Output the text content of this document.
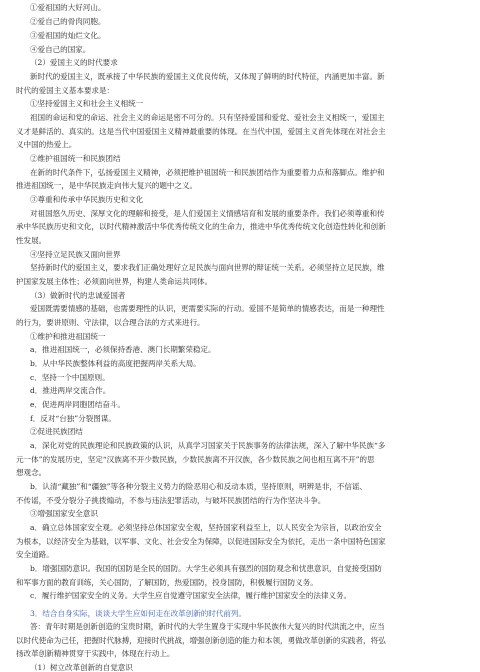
①爱祖国的大好河山。
②爱自己的骨肉同胞。
③爱祖国的灿烂文化。
④爱自己的国家。
（2）爱国主义的时代要求
新时代的爱国主义，既承接了中华民族的爱国主义优良传统，又体现了鲜明的时代特征，内涵更加丰富。新
时代的爱国主义基本要求是：
①坚持爱国主义和社会主义相统一
祖国的命运和党的命运、社会主义的命运是密不可分的。只有坚持爱国和爱党、爱社会主义相统一，爱国主
义才是鲜活的、真实的。这是当代中国爱国主义精神最重要的体现。在当代中国，爱国主义首先体现在对社会主
义中国的热爱上。
②维护祖国统一和民族团结
在新的时代条件下，弘扬爱国主义精神，必须把维护祖国统一和民族团结作为重要着力点和落脚点。维护和
推进祖国统一，是中华民族走向伟大复兴的题中之义。
③尊重和传承中华民族历史和文化
对祖国悠久历史、深厚文化的理解和接受，是人们爱国主义情感培育和发展的重要条件。我们必须尊重和传
承中华民族历史和文化，以时代精神激活中华优秀传统文化的生命力，推进中华优秀传统文化创造性转化和创新
性发展。
④坚持立足民族又面向世界
坚持新时代的爱国主义，要求我们正确处理好立足民族与面向世界的辩证统一关系。必须坚持立足民族，维
护国家发展主体性；必须面向世界，构建人类命运共同体。
（3）做新时代的忠诚爱国者
爱国既需要情感的基础，也需要理性的认识，更需要实际的行动。爱国不是简单的情感表达，而是一种理性
的行为，要讲原则、守法律，以合理合法的方式来进行。
①维护和推进祖国统一
a．推进祖国统一，必须保持香港、澳门长期繁荣稳定。
b．从中华民族整体利益的高度把握两岸关系大局。
c．坚持一个中国原则。
d．推进两岸交流合作。
e．促进两岸同胞团结奋斗。
f．反对“台独”分裂图谋。
②促进民族团结
a．深化对党的民族理论和民族政策的认识，从真学习国家关于民族事务的法律法规，深入了解中华民族“多
元一体”的发展历史，坚定“汉族离不开少数民族，少数民族离不开汉族，各少数民族之间也相互离不开”的思
想观念。
b．认清“藏独”和“疆独”等各种分裂主义势力的险恶用心和反动本质，坚持原则，明辨是非，不信谣、
不传谣，不受分裂分子挑拨煽动，不参与违法犯罪活动，与破坏民族团结的行为作坚决斗争。
③增强国家安全意识
a．确立总体国家安全观。必须坚持总体国家安全观，坚持国家利益至上，以人民安全为宗旨，以政治安全
为根本，以经济安全为基础，以军事、文化、社会安全为保障，以促进国际安全为依托，走出一条中国特色国家
安全道路。
b．增强国防意识。我国的国防是全民的国防。大学生必须具有强烈的国防观念和忧患意识，自觉接受国防
和军事方面的教育训练，关心国防，了解国防，热爱国防，投身国防，积极履行国防义务。
c．履行维护国家安全的义务。大学生应自觉遵守国家安全法律，履行维护国家安全的法律义务。
3．结合自身实际，谈谈大学生应如何走在改革创新的时代前列。
答：青年时期是创新创造的宝贵时期，新时代的大学生置身于实现中华民族伟大复兴的时代洪流之中，应当
以时代使命为己任，把握时代脉搏，迎接时代挑战，增强创新创造的能力和本领，勇做改革创新的实践者，将弘
扬改革创新精神贯穿于实践中，体现在行动上。
（1）树立改革创新的自觉意识
